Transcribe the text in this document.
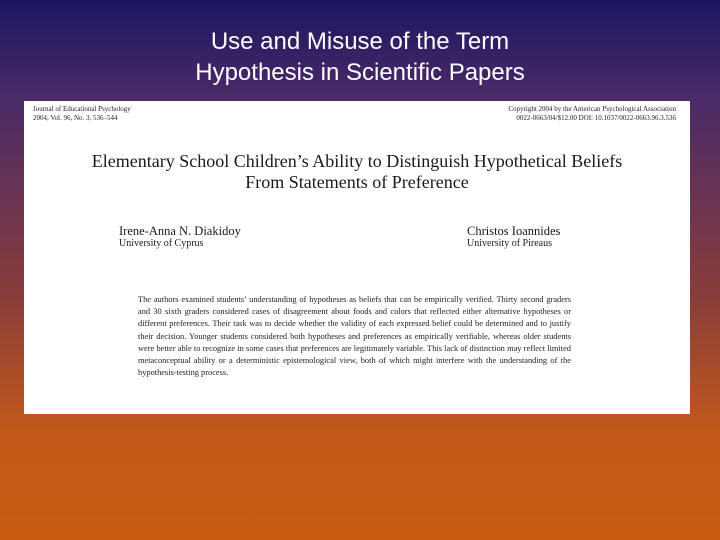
Use and Misuse of the Term
Hypothesis in Scientific Papers
Journal of Educational Psychology
2004, Vol. 96, No. 3, 536–544
Copyright 2004 by the American Psychological Association
0022-0663/04/$12.00 DOI: 10.1037/0022-0663.96.3.536
Elementary School Children’s Ability to Distinguish Hypothetical Beliefs
From Statements of Preference
Irene-Anna N. Diakidoy
University of Cyprus
Christos Ioannides
University of Pireaus
The authors examined students’ understanding of hypotheses as beliefs that can be empirically verified. Thirty second graders and 30 sixth graders considered cases of disagreement about foods and colors that reflected either alternative hypotheses or different preferences. Their task was to decide whether the validity of each expressed belief could be determined and to justify their decision. Younger students considered both hypotheses and preferences as empirically verifiable, whereas older students were better able to recognize in some cases that preferences are legitimately variable. This lack of distinction may reflect limited metaconceptual ability or a deterministic epistemological view, both of which might interfere with the understanding of the hypothesis-testing process.
